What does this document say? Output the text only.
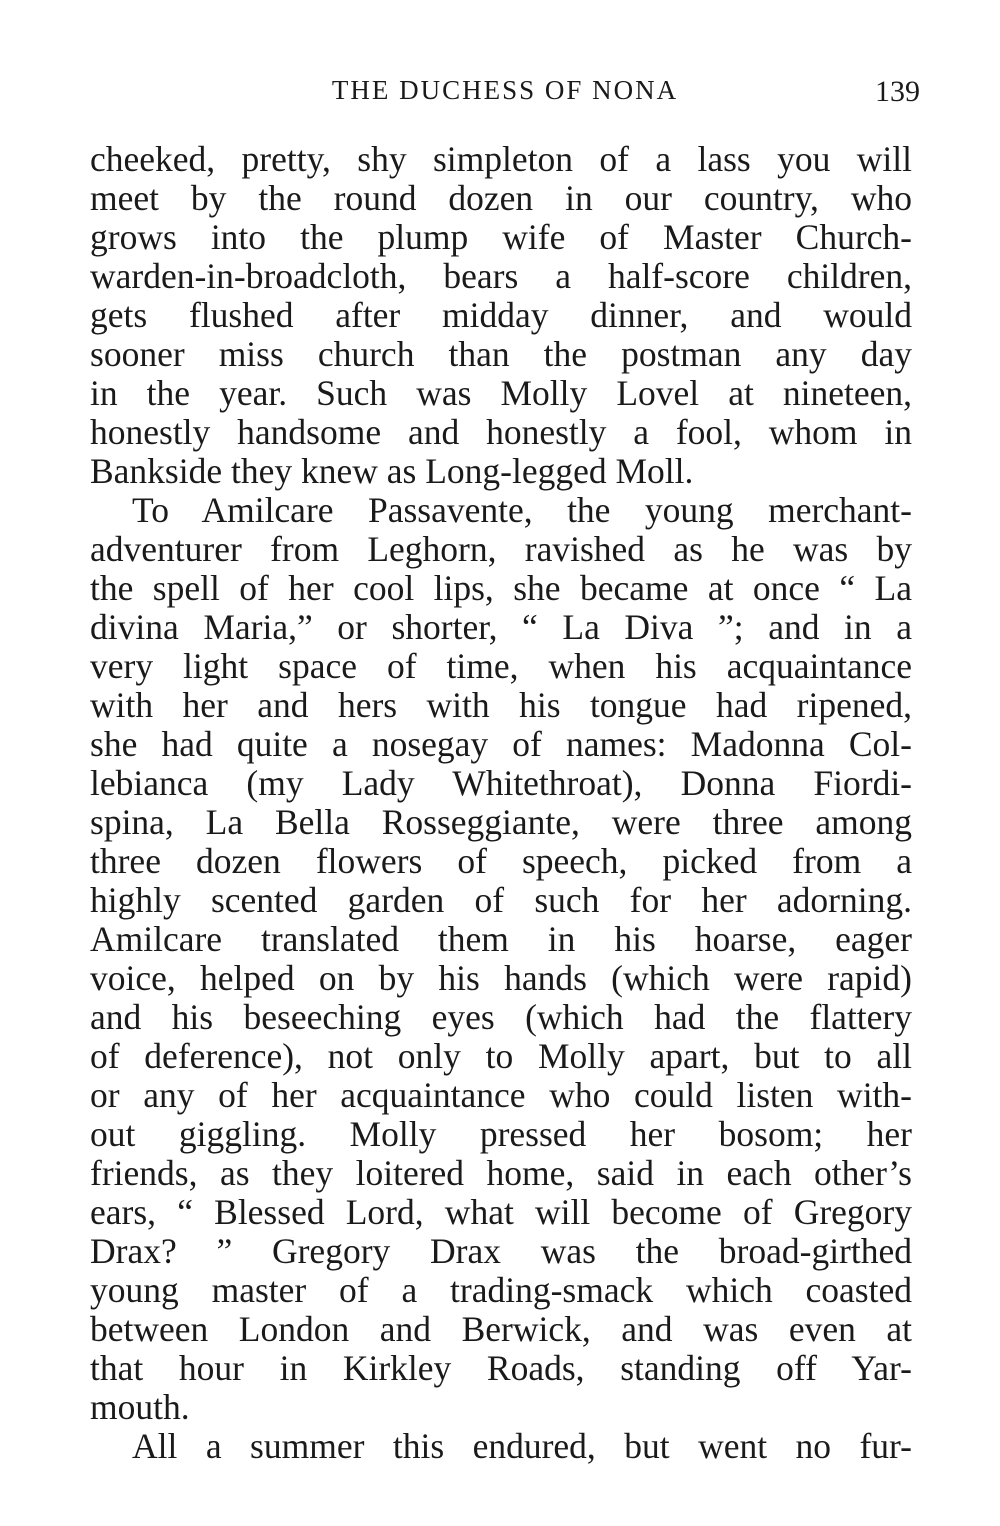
THE DUCHESS OF NONA	139
cheeked, pretty, shy simpleton of a lass you will
meet by the round dozen in our country, who
grows into the plump wife of Master Church-
warden-in-broadcloth, bears a half-score children,
gets flushed after midday dinner, and would
sooner miss church than the postman any day
in the year. Such was Molly Lovel at nineteen,
honestly handsome and honestly a fool, whom in
Bankside they knew as Long-legged Moll.
To Amilcare Passavente, the young merchant-
adventurer from Leghorn, ravished as he was by
the spell of her cool lips, she became at once “ La
divina Maria,” or shorter, “ La Diva ”; and in a
very light space of time, when his acquaintance
with her and hers with his tongue had ripened,
she had quite a nosegay of names: Madonna Col-
lebianca (my Lady Whitethroat), Donna Fiordi-
spina, La Bella Rosseggiante, were three among
three dozen flowers of speech, picked from a
highly scented garden of such for her adorning.
Amilcare translated them in his hoarse, eager
voice, helped on by his hands (which were rapid)
and his beseeching eyes (which had the flattery
of deference), not only to Molly apart, but to all
or any of her acquaintance who could listen with-
out giggling. Molly pressed her bosom; her
friends, as they loitered home, said in each other’s
ears, “ Blessed Lord, what will become of Gregory
Drax? ” Gregory Drax was the broad-girthed
young master of a trading-smack which coasted
between London and Berwick, and was even at
that hour in Kirkley Roads, standing off Yar-
mouth.
All a summer this endured, but went no fur-
